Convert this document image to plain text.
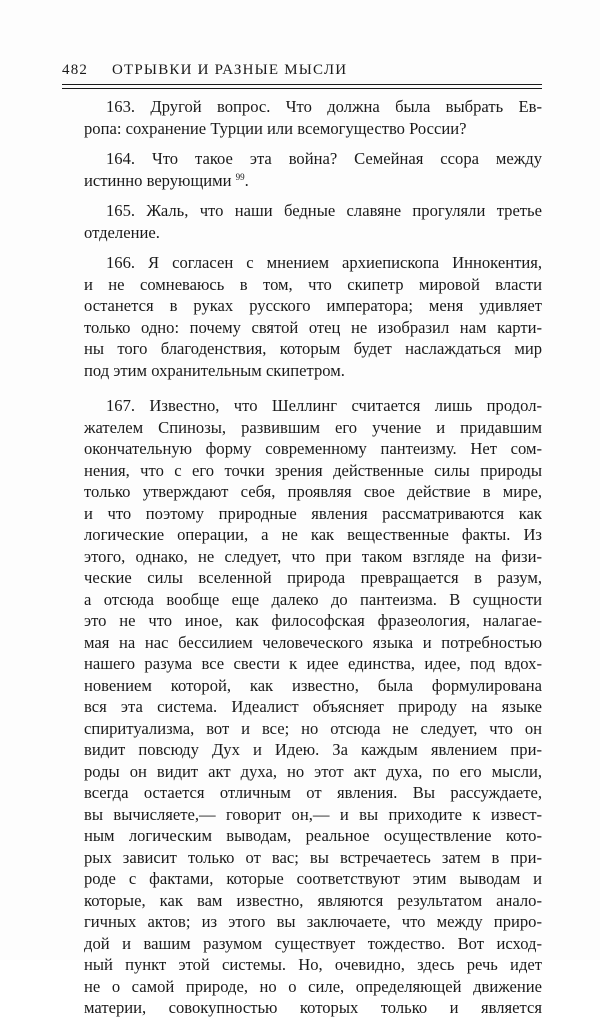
482 ОТРЫВКИ И РАЗНЫЕ МЫСЛИ
163. Другой вопрос. Что должна была выбрать Ев-
ропа: сохранение Турции или всемогущество России?
164. Что такое эта война? Семейная ссора между
истинно верующими $^{99}$.
165. Жаль, что наши бедные славяне прогуляли третье
отделение.
166. Я согласен с мнением архиепископа Иннокентия,
и не сомневаюсь в том, что скипетр мировой власти
останется в руках русского императора; меня удивляет
только одно: почему святой отец не изобразил нам карти-
ны того благоденствия, которым будет наслаждаться мир
под этим охранительным скипетром.
167. Известно, что Шеллинг считается лишь продол-
жателем Спинозы, развившим его учение и придавшим
окончательную форму современному пантеизму. Нет сом-
нения, что с его точки зрения действенные силы природы
только утверждают себя, проявляя свое действие в мире,
и что поэтому природные явления рассматриваются как
логические операции, а не как вещественные факты. Из
этого, однако, не следует, что при таком взгляде на физи-
ческие силы вселенной природа превращается в разум,
а отсюда вообще еще далеко до пантеизма. В сущности
это не что иное, как философская фразеология, налагае-
мая на нас бессилием человеческого языка и потребностью
нашего разума все свести к идее единства, идее, под вдох-
новением которой, как известно, была формулирована
вся эта система. Идеалист объясняет природу на языке
спиритуализма, вот и все; но отсюда не следует, что он
видит повсюду Дух и Идею. За каждым явлением при-
роды он видит акт духа, но этот акт духа, по его мысли,
всегда остается отличным от явления. Вы рассуждаете,
вы вычисляете,— говорит он,— и вы приходите к извест-
ным логическим выводам, реальное осуществление кото-
рых зависит только от вас; вы встречаетесь затем в при-
роде с фактами, которые соответствуют этим выводам и
которые, как вам известно, являются результатом анало-
гичных актов; из этого вы заключаете, что между приро-
дой и вашим разумом существует тождество. Вот исход-
ный пункт этой системы. Но, очевидно, здесь речь идет
не о самой природе, но о силе, определяющей движение
материи, совокупностью которых только и является
